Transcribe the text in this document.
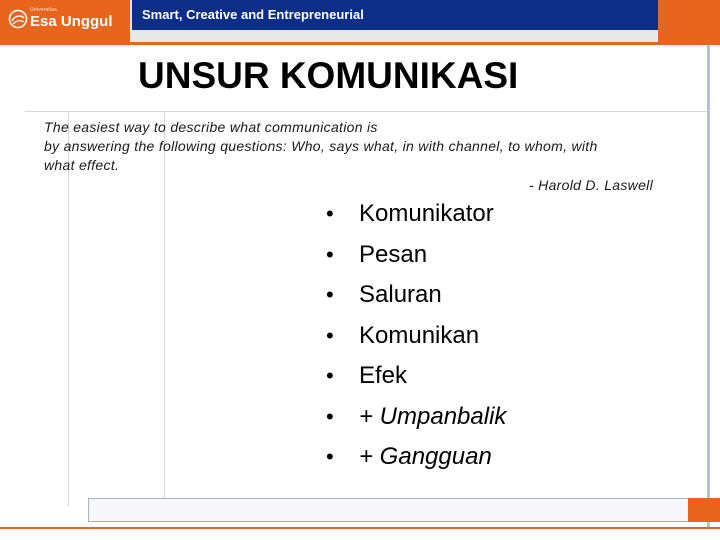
Universitas
Esa Unggul Smart, Creative and Entrepreneurial
UNSUR KOMUNIKASI

The easiest way to describe what communication is

by answering the following questions: Who, says what, in with channel, to whom, with

what effect.

- Harold D. Laswell
•	Komunikator
•	Pesan
•	Saluran
•	Komunikan
•	Efek
•	+ Umpanbalik
•	+ Gangguan
